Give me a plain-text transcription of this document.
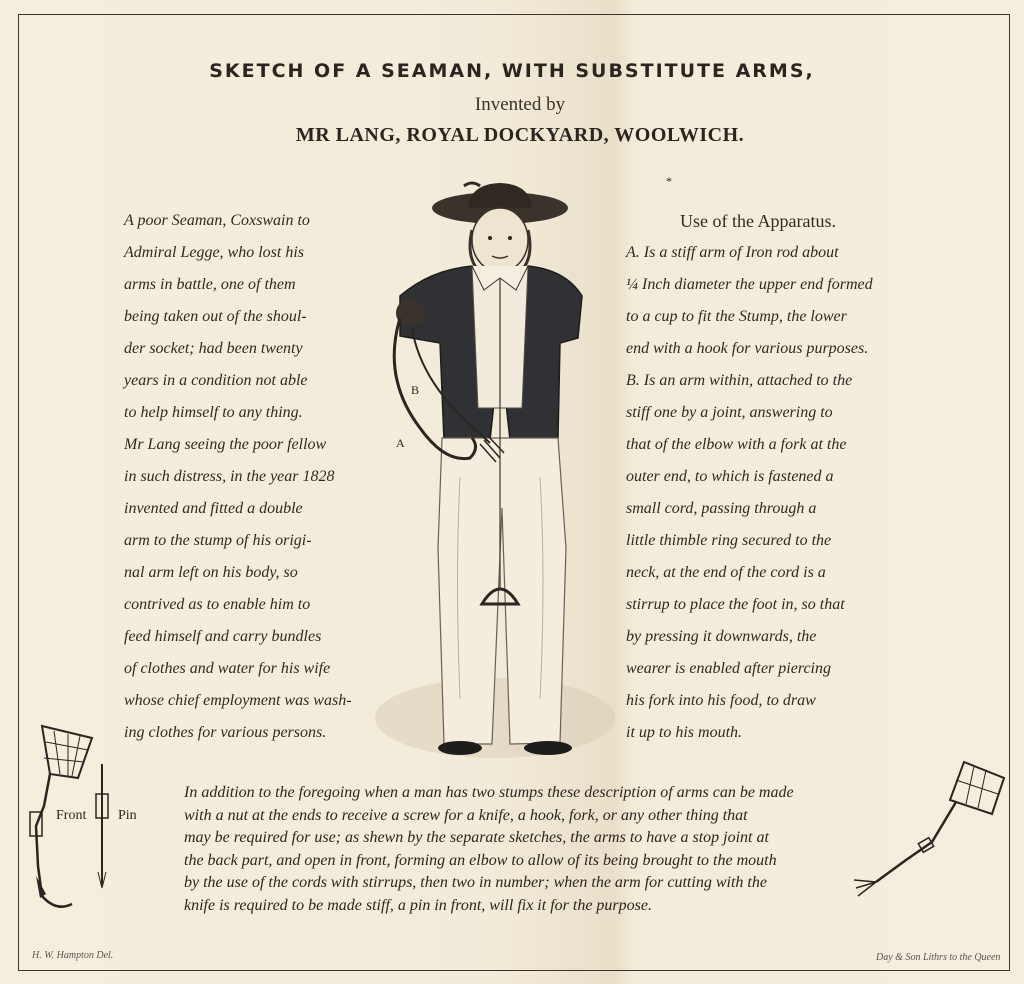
SKETCH OF A SEAMAN, WITH SUBSTITUTE ARMS,
Invented by
MR LANG, ROYAL DOCKYARD, WOOLWICH.
*
A poor Seaman, Coxswain to
Admiral Legge, who lost his
arms in battle, one of them
being taken out of the shoul-
der socket; had been twenty
years in a condition not able
to help himself to any thing.
Mr Lang seeing the poor fellow
in such distress, in the year 1828
invented and fitted a double
arm to the stump of his origi-
nal arm left on his body, so
contrived as to enable him to
feed himself and carry bundles
of clothes and water for his wife
whose chief employment was wash-
ing clothes for various persons.
Use of the Apparatus.
A. Is a stiff arm of Iron rod about
¼ Inch diameter the upper end formed
to a cup to fit the Stump, the lower
end with a hook for various purposes.
B. Is an arm within, attached to the
stiff one by a joint, answering to
that of the elbow with a fork at the
outer end, to which is fastened a
small cord, passing through a
little thimble ring secured to the
neck, at the end of the cord is a
stirrup to place the foot in, so that
by pressing it downwards, the
wearer is enabled after piercing
his fork into his food, to draw
it up to his mouth.
B
A
Front Pin
In addition to the foregoing when a man has two stumps these description of arms can be made
with a nut at the ends to receive a screw for a knife, a hook, fork, or any other thing that
may be required for use; as shewn by the separate sketches, the arms to have a stop joint at
the back part, and open in front, forming an elbow to allow of its being brought to the mouth
by the use of the cords with stirrups, then two in number; when the arm for cutting with the
knife is required to be made stiff, a pin in front, will fix it for the purpose.
H. W. Hampton Del.	Day & Son Lithrs to the Queen
